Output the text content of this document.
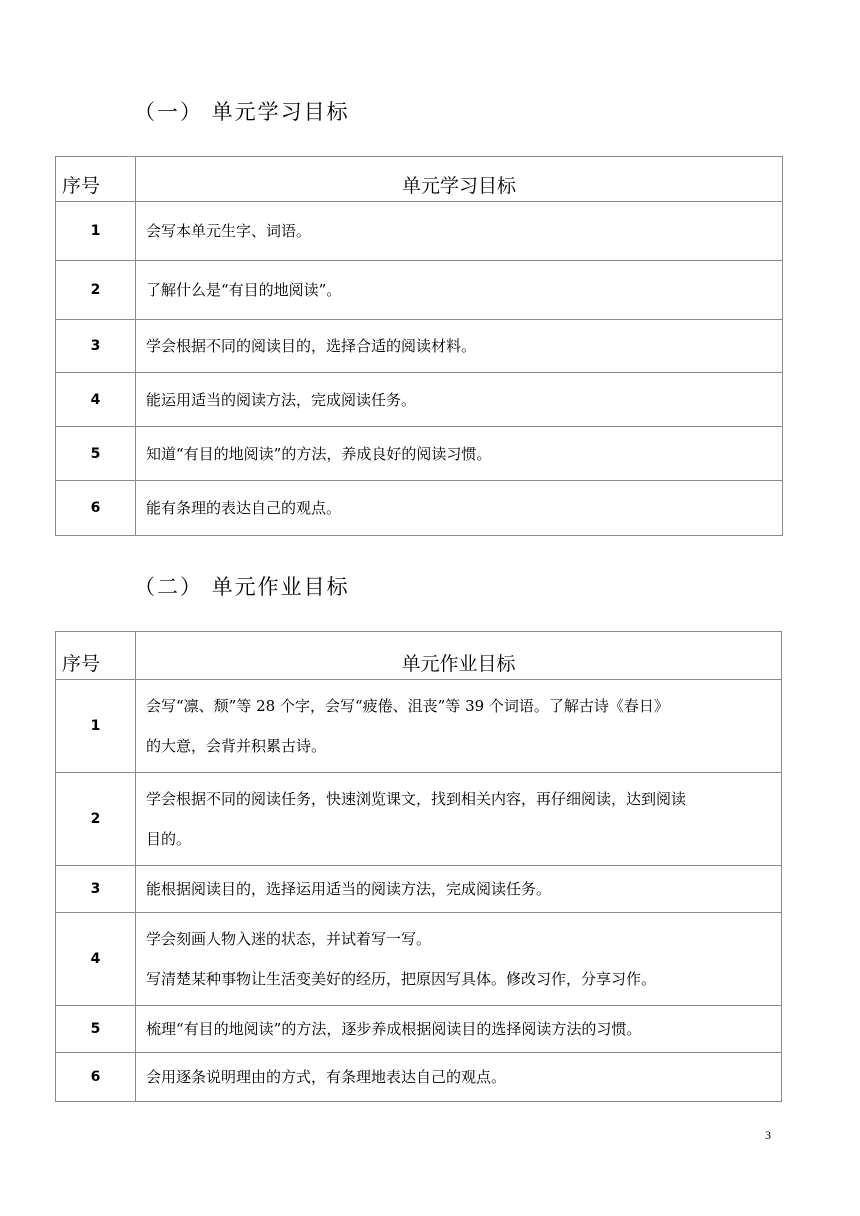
（一） 单元学习目标
序号	单元学习目标
1	会写本单元生字、词语。

2	了解什么是“有目的地阅读”。

3	学会根据不同的阅读目的，选择合适的阅读材料。

4	能运用适当的阅读方法，完成阅读任务。

5	知道“有目的地阅读”的方法，养成良好的阅读习惯。

6	能有条理的表达自己的观点。
（二） 单元作业目标
序号	单元作业目标
1	会写“凛、颓”等 28 个字，会写“疲倦、沮丧”等 39 个词语。了解古诗《春日》
的大意，会背并积累古诗。

2	学会根据不同的阅读任务，快速浏览课文，找到相关内容，再仔细阅读，达到阅读
目的。

3	能根据阅读目的，选择运用适当的阅读方法，完成阅读任务。

4	学会刻画人物入迷的状态，并试着写一写。
写清楚某种事物让生活变美好的经历，把原因写具体。修改习作，分享习作。

5	梳理“有目的地阅读”的方法，逐步养成根据阅读目的选择阅读方法的习惯。

6	会用逐条说明理由的方式，有条理地表达自己的观点。
3
